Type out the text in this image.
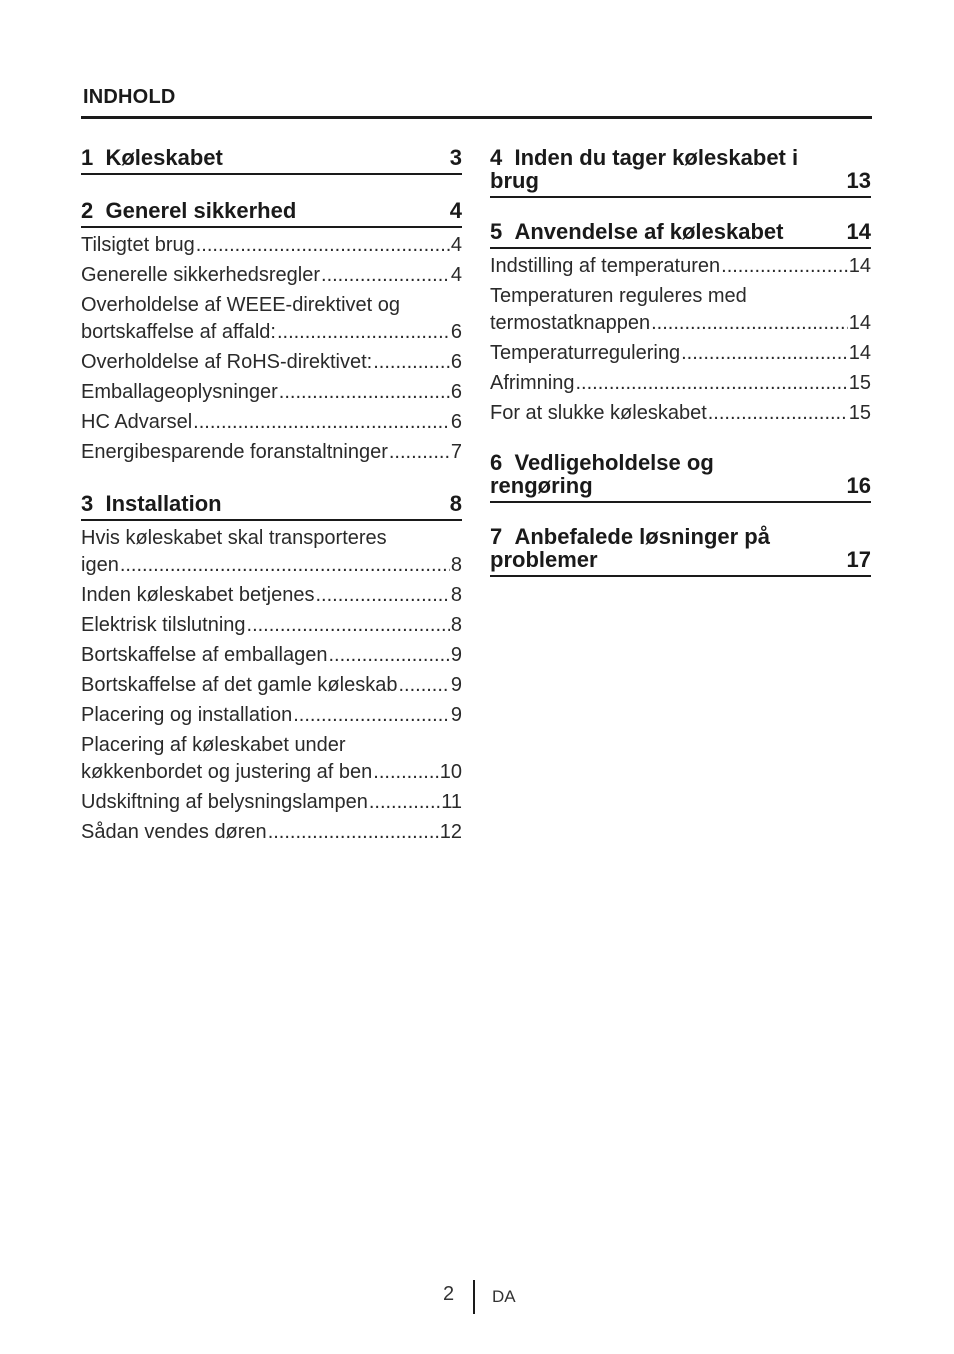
INDHOLD
1 Køleskabet	3
2 Generel sikkerhed	4
Tilsigtet brug .....	4
Generelle sikkerhedsregler .....	4
Overholdelse af WEEE-direktivet og
bortskaffelse af affald: .....	6
Overholdelse af RoHS-direktivet: .....	6
Emballageoplysninger .....	6
HC Advarsel .....	6
Energibesparende foranstaltninger .....	7
3 Installation	8
Hvis køleskabet skal transporteres
igen .....	8
Inden køleskabet betjenes .....	8
Elektrisk tilslutning .....	8
Bortskaffelse af emballagen .....	9
Bortskaffelse af det gamle køleskab .....	9
Placering og installation .....	9
Placering af køleskabet under
køkkenbordet og justering af ben .....	10
Udskiftning af belysningslampen .....	11
Sådan vendes døren .....	12
4 Inden du tager køleskabet i
brug	13
5 Anvendelse af køleskabet	14
Indstilling af temperaturen .....	14
Temperaturen reguleres med
termostatknappen .....	14
Temperaturregulering .....	14
Afrimning .....	15
For at slukke køleskabet .....	15
6 Vedligeholdelse og
rengøring	16
7 Anbefalede løsninger på
problemer	17
2 DA
